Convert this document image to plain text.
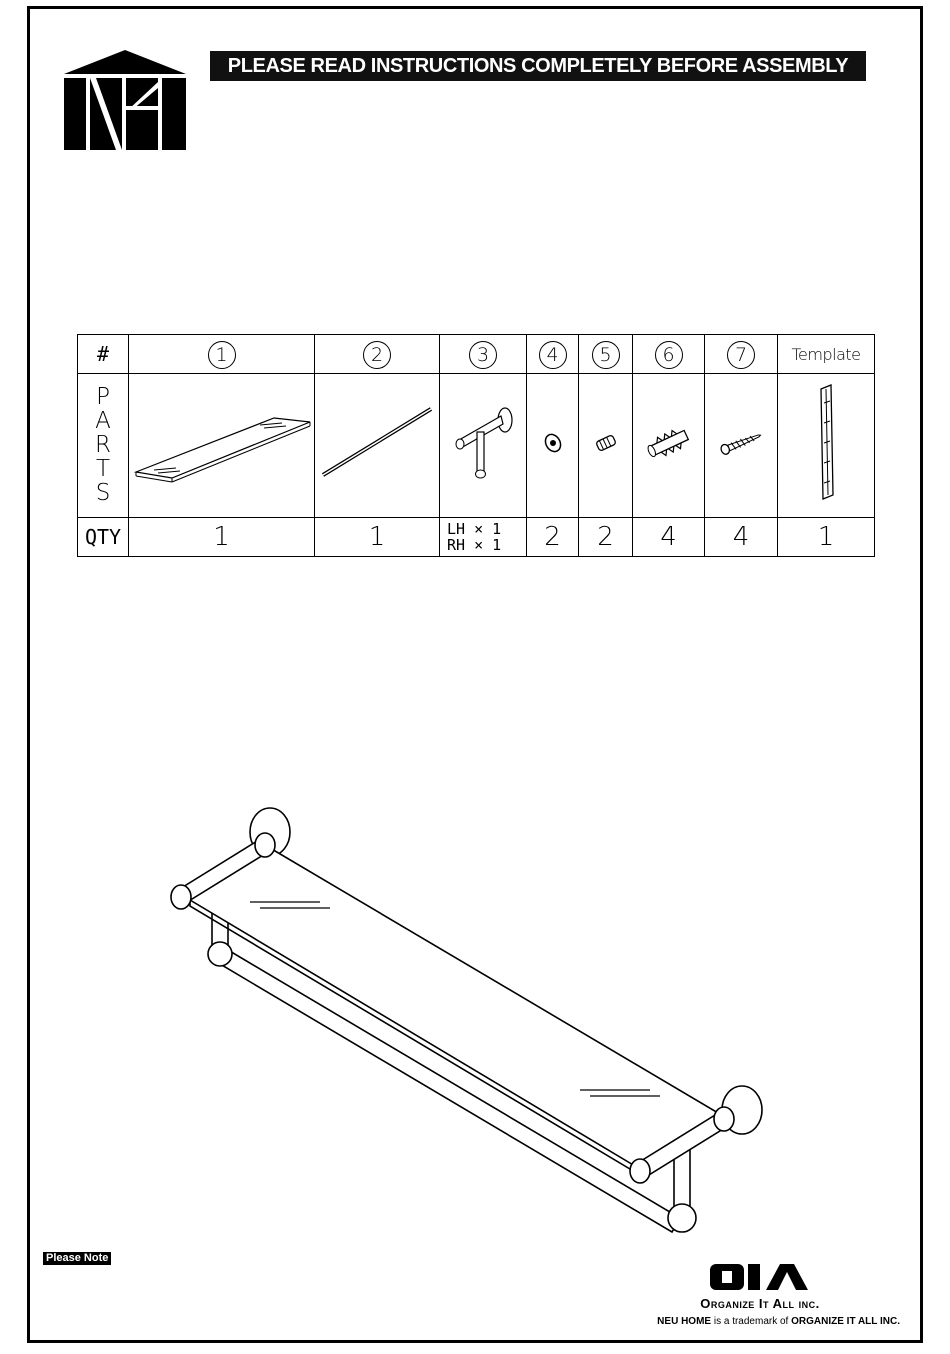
PLEASE READ INSTRUCTIONS COMPLETELY BEFORE ASSEMBLY
#	1	2	3	4	5	6	7	Template

P
A
R
T
S

QTY	1	1	LH × 1
RH × 1	2	2	4	4	1
Please Note
Organize It All inc.
NEU HOME is a trademark of ORGANIZE IT ALL INC.
